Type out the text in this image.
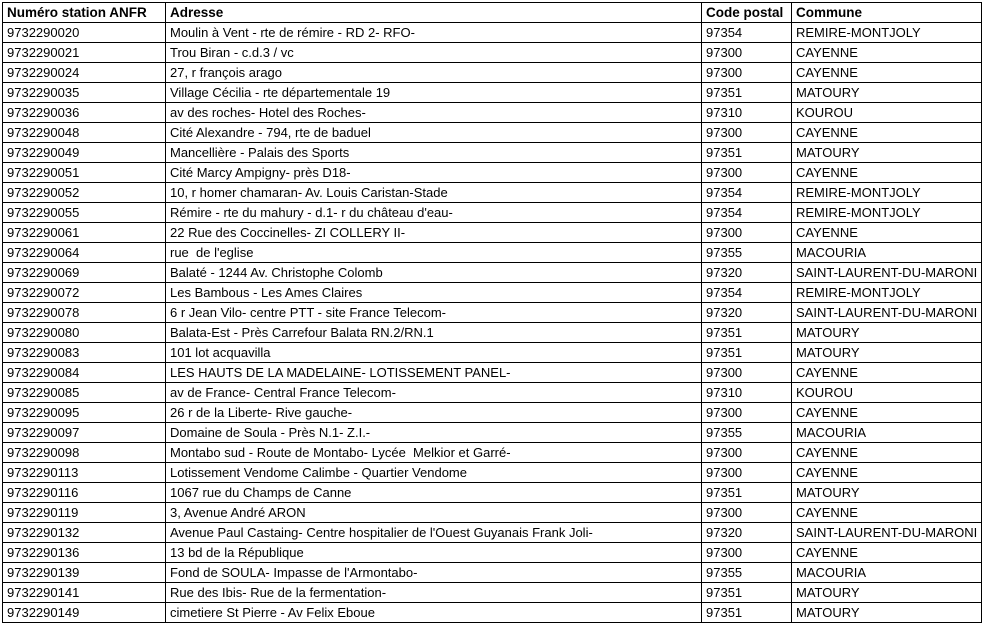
Numéro station ANFR	Adresse	Code postal	Commune
9732290020	Moulin à Vent - rte de rémire - RD 2- RFO-	97354	REMIRE-MONTJOLY
9732290021	Trou Biran - c.d.3 / vc	97300	CAYENNE
9732290024	27, r françois arago	97300	CAYENNE
9732290035	Village Cécilia - rte départementale 19	97351	MATOURY
9732290036	av des roches- Hotel des Roches-	97310	KOUROU
9732290048	Cité Alexandre - 794, rte de baduel	97300	CAYENNE
9732290049	Mancellière - Palais des Sports	97351	MATOURY
9732290051	Cité Marcy Ampigny- près D18-	97300	CAYENNE
9732290052	10, r homer chamaran- Av. Louis Caristan-Stade	97354	REMIRE-MONTJOLY
9732290055	Rémire - rte du mahury - d.1- r du château d'eau-	97354	REMIRE-MONTJOLY
9732290061	22 Rue des Coccinelles- ZI COLLERY II-	97300	CAYENNE
9732290064	rue  de l'eglise	97355	MACOURIA
9732290069	Balaté - 1244 Av. Christophe Colomb	97320	SAINT-LAURENT-DU-MARONI
9732290072	Les Bambous - Les Ames Claires	97354	REMIRE-MONTJOLY
9732290078	6 r Jean Vilo- centre PTT - site France Telecom-	97320	SAINT-LAURENT-DU-MARONI
9732290080	Balata-Est - Près Carrefour Balata RN.2/RN.1	97351	MATOURY
9732290083	101 lot acquavilla	97351	MATOURY
9732290084	LES HAUTS DE LA MADELAINE- LOTISSEMENT PANEL-	97300	CAYENNE
9732290085	av de France- Central France Telecom-	97310	KOUROU
9732290095	26 r de la Liberte- Rive gauche-	97300	CAYENNE
9732290097	Domaine de Soula - Près N.1- Z.I.-	97355	MACOURIA
9732290098	Montabo sud - Route de Montabo- Lycée  Melkior et Garré-	97300	CAYENNE
9732290113	Lotissement Vendome Calimbe - Quartier Vendome	97300	CAYENNE
9732290116	1067 rue du Champs de Canne	97351	MATOURY
9732290119	3, Avenue André ARON	97300	CAYENNE
9732290132	Avenue Paul Castaing- Centre hospitalier de l'Ouest Guyanais Frank Joli-	97320	SAINT-LAURENT-DU-MARONI
9732290136	13 bd de la République	97300	CAYENNE
9732290139	Fond de SOULA- Impasse de l'Armontabo-	97355	MACOURIA
9732290141	Rue des Ibis- Rue de la fermentation-	97351	MATOURY
9732290149	cimetiere St Pierre - Av Felix Eboue	97351	MATOURY
